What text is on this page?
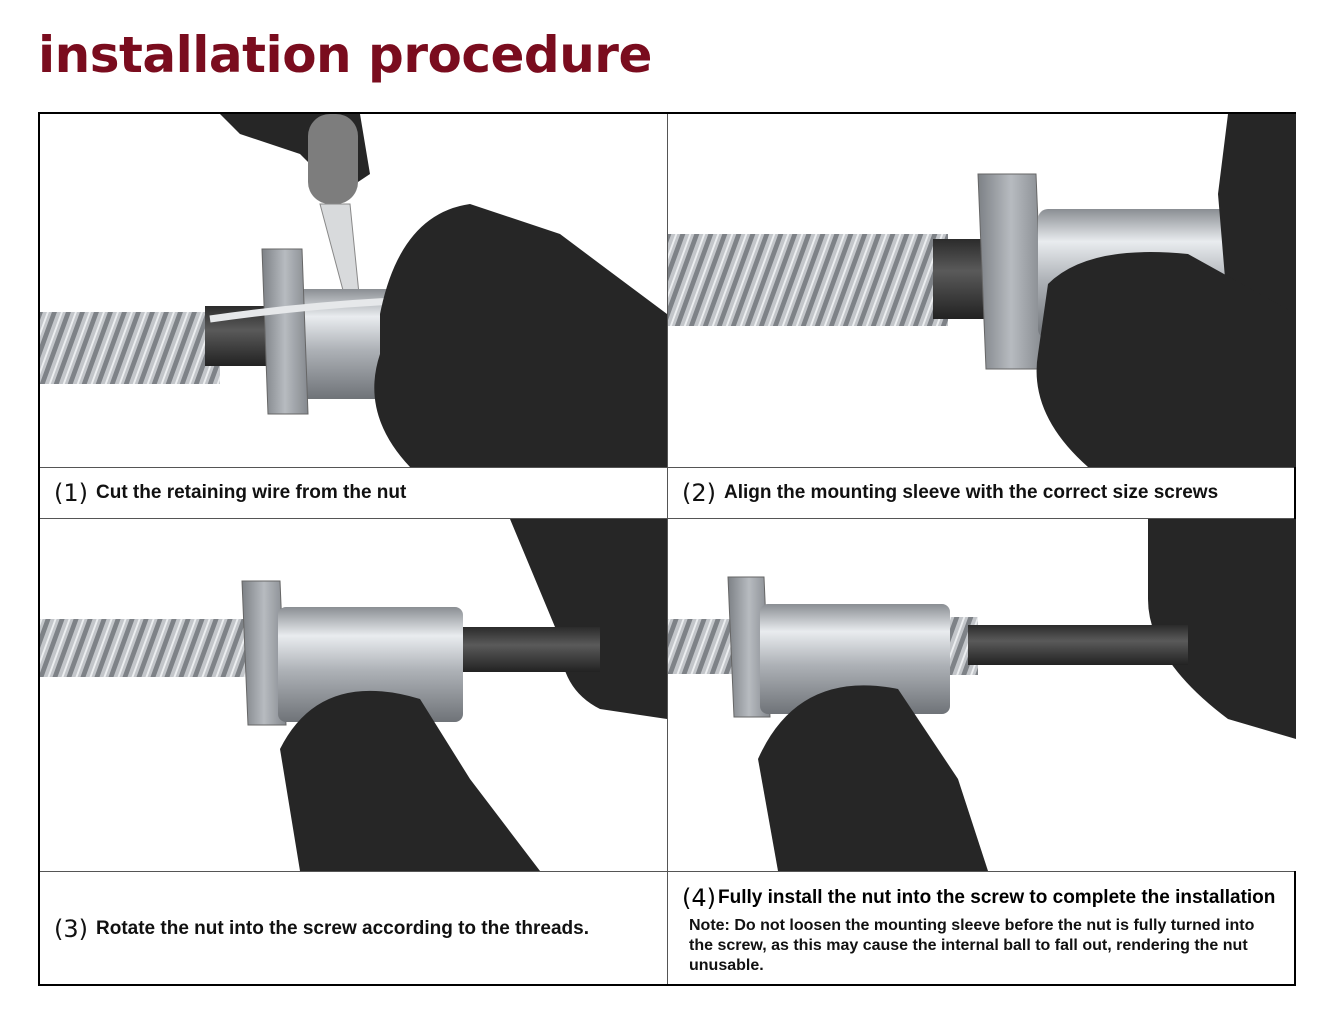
installation procedure
(1) Cut the retaining wire from the nut	(2) Align the mounting sleeve with the correct size screws
(3) Rotate the nut into the screw according to the threads.
(4) Fully install the nut into the screw to complete the installation
Note: Do not loosen the mounting sleeve before the nut is fully turned into the screw, as this may cause the internal ball to fall out, rendering the nut unusable.
